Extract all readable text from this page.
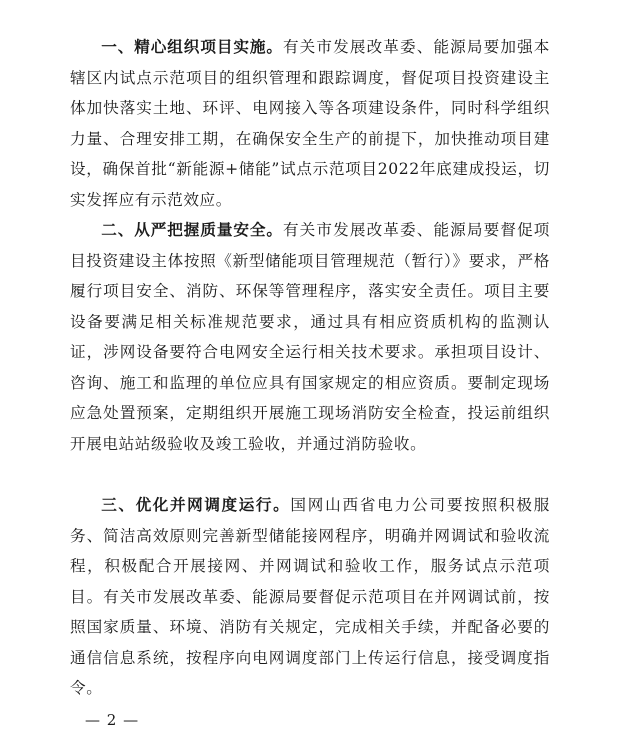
一、精心组织项目实施。有关市发展改革委、能源局要加强本辖区内试点示范项目的组织管理和跟踪调度，督促项目投资建设主体加快落实土地、环评、电网接入等各项建设条件，同时科学组织力量、合理安排工期，在确保安全生产的前提下，加快推动项目建设，确保首批“新能源+储能”试点示范项目2022年底建成投运，切实发挥应有示范效应。

二、从严把握质量安全。有关市发展改革委、能源局要督促项目投资建设主体按照《新型储能项目管理规范（暂行）》要求，严格履行项目安全、消防、环保等管理程序，落实安全责任。项目主要设备要满足相关标准规范要求，通过具有相应资质机构的监测认证，涉网设备要符合电网安全运行相关技术要求。承担项目设计、咨询、施工和监理的单位应具有国家规定的相应资质。要制定现场应急处置预案，定期组织开展施工现场消防安全检查，投运前组织开展电站站级验收及竣工验收，并通过消防验收。

三、优化并网调度运行。国网山西省电力公司要按照积极服务、简洁高效原则完善新型储能接网程序，明确并网调试和验收流程，积极配合开展接网、并网调试和验收工作，服务试点示范项目。有关市发展改革委、能源局要督促示范项目在并网调试前，按照国家质量、环境、消防有关规定，完成相关手续，并配备必要的通信信息系统，按程序向电网调度部门上传运行信息，接受调度指令。

— 2 —
